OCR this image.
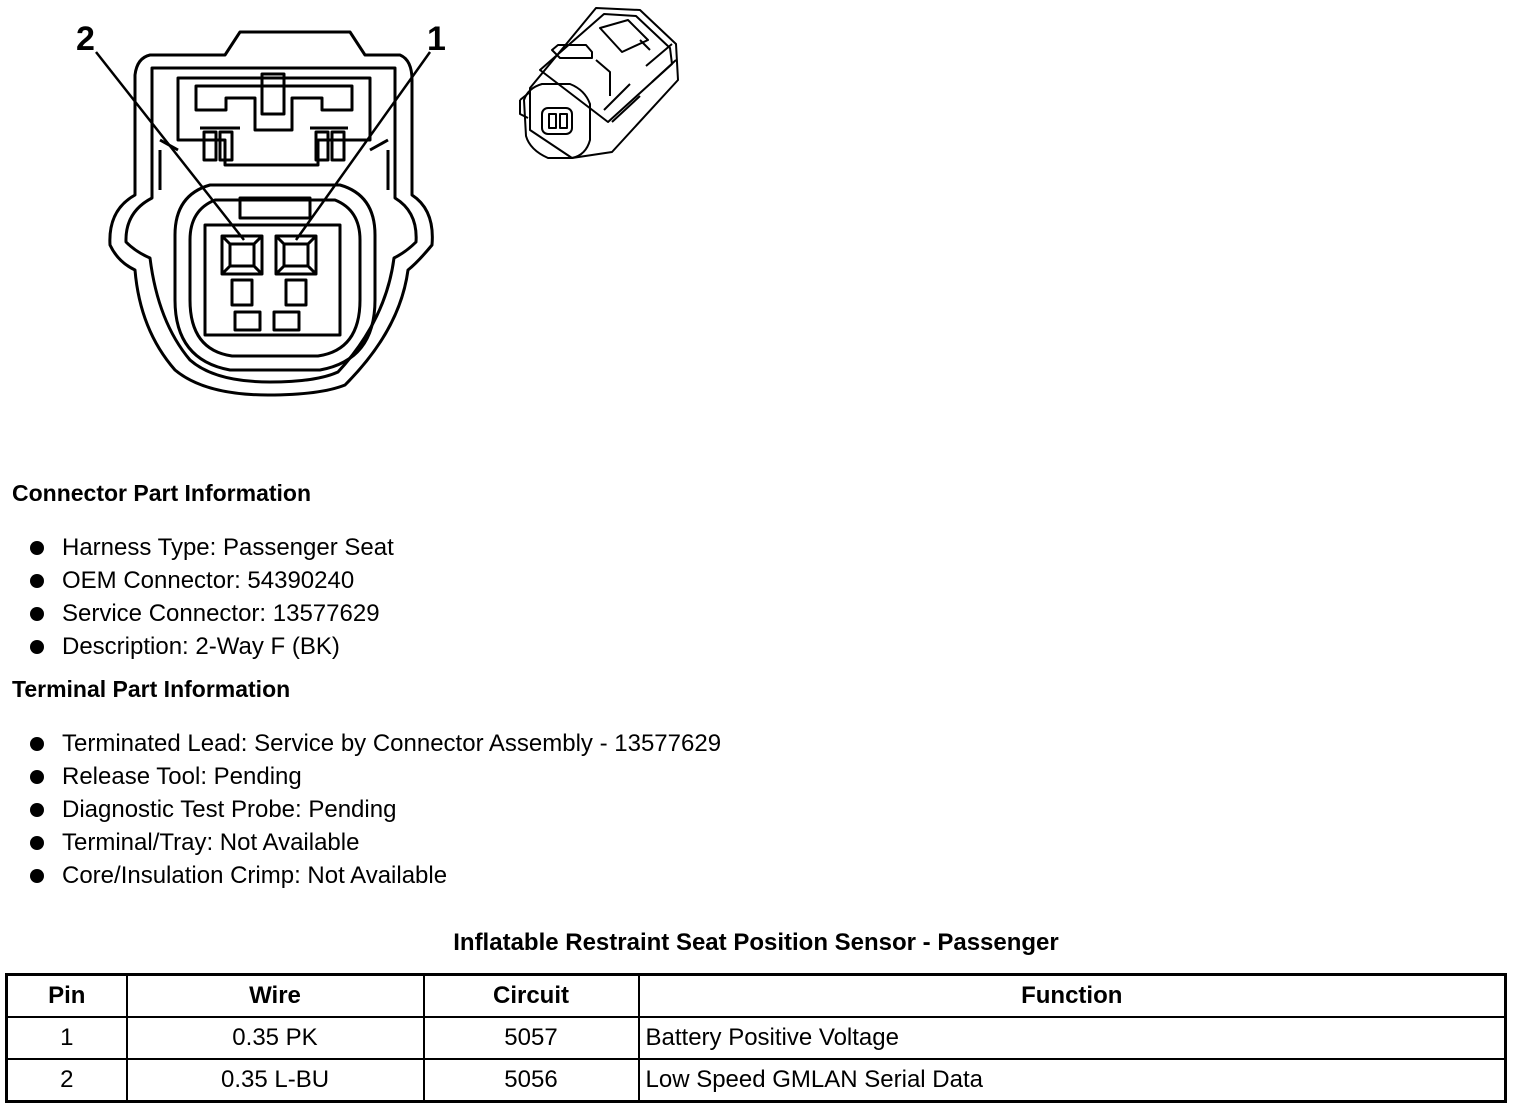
2	1
Connector Part Information
Harness Type: Passenger Seat
OEM Connector: 54390240
Service Connector: 13577629
Description: 2-Way F (BK)
Terminal Part Information
Terminated Lead: Service by Connector Assembly - 13577629
Release Tool: Pending
Diagnostic Test Probe: Pending
Terminal/Tray: Not Available
Core/Insulation Crimp: Not Available
Inflatable Restraint Seat Position Sensor - Passenger
Pin	Wire	Circuit	Function
1	0.35 PK	5057	Battery Positive Voltage
2	0.35 L-BU	5056	Low Speed GMLAN Serial Data
